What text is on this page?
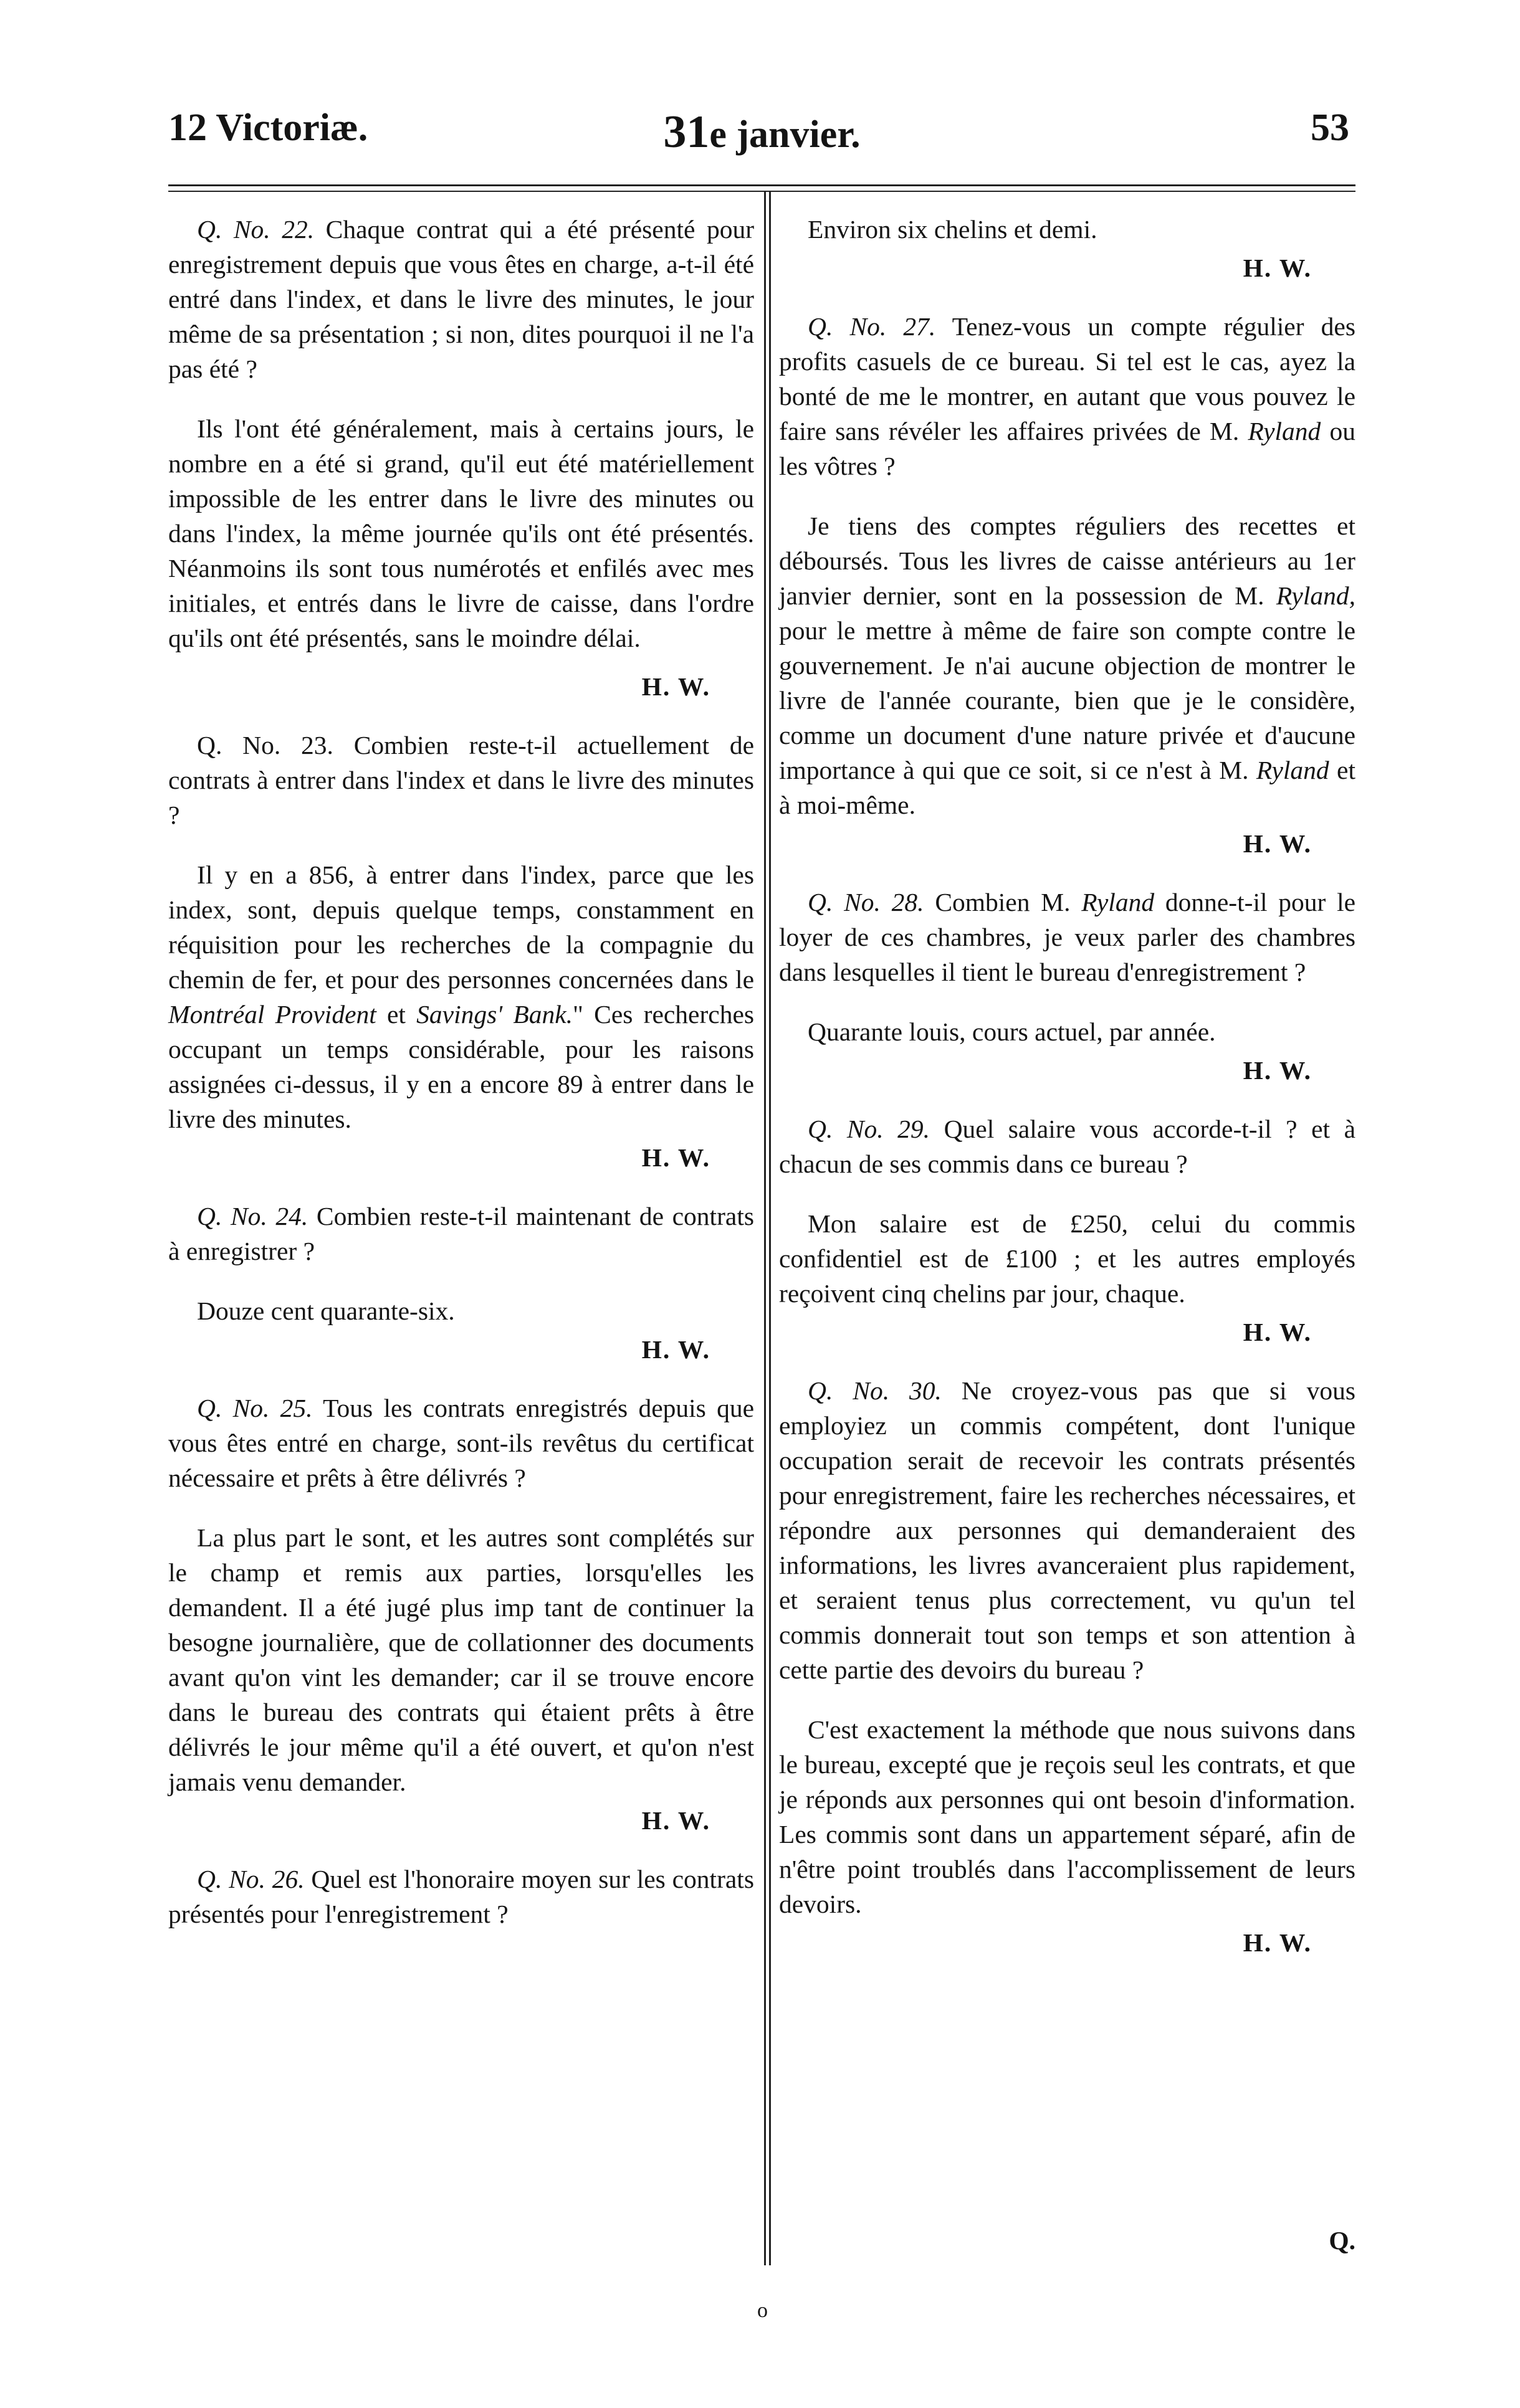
12 Victoriæ.	31e janvier.	53

Q. No. 22. Chaque contrat qui a été présenté pour enregistrement depuis que vous êtes en charge, a-t-il été entré dans l'index, et dans le livre des minutes, le jour même de sa présentation ; si non, dites pourquoi il ne l'a pas été ?

Ils l'ont été généralement, mais à certains jours, le nombre en a été si grand, qu'il eut été matériellement impossible de les entrer dans le livre des minutes ou dans l'index, la même journée qu'ils ont été présentés. Néanmoins ils sont tous numérotés et enfilés avec mes initiales, et entrés dans le livre de caisse, dans l'ordre qu'ils ont été présentés, sans le moindre délai.

H. W.

Q. No. 23. Combien reste-t-il actuellement de contrats à entrer dans l'index et dans le livre des minutes ?

Il y en a 856, à entrer dans l'index, parce que les index, sont, depuis quelque temps, constamment en réquisition pour les recherches de la compagnie du chemin de fer, et pour des personnes concernées dans le Montréal Provident et Savings' Bank." Ces recherches occupant un temps considérable, pour les raisons assignées ci-dessus, il y en a encore 89 à entrer dans le livre des minutes.

H. W.

Q. No. 24. Combien reste-t-il maintenant de contrats à enregistrer ?

Douze cent quarante-six.

H. W.

Q. No. 25. Tous les contrats enregistrés depuis que vous êtes entré en charge, sont-ils revêtus du certificat nécessaire et prêts à être délivrés ?

La plus part le sont, et les autres sont complétés sur le champ et remis aux parties, lorsqu'elles les demandent. Il a été jugé plus imp tant de continuer la besogne journalière, que de collationner des documents avant qu'on vint les demander; car il se trouve encore dans le bureau des contrats qui étaient prêts à être délivrés le jour même qu'il a été ouvert, et qu'on n'est jamais venu demander.

H. W.

Q. No. 26. Quel est l'honoraire moyen sur les contrats présentés pour l'enregistrement ?

Environ six chelins et demi.

H. W.

Q. No. 27. Tenez-vous un compte régulier des profits casuels de ce bureau. Si tel est le cas, ayez la bonté de me le montrer, en autant que vous pouvez le faire sans révéler les affaires privées de M. Ryland ou les vôtres ?

Je tiens des comptes réguliers des recettes et déboursés. Tous les livres de caisse antérieurs au 1er janvier dernier, sont en la possession de M. Ryland, pour le mettre à même de faire son compte contre le gouvernement. Je n'ai aucune objection de montrer le livre de l'année courante, bien que je le considère, comme un document d'une nature privée et d'aucune importance à qui que ce soit, si ce n'est à M. Ryland et à moi-même.

H. W.

Q. No. 28. Combien M. Ryland donne-t-il pour le loyer de ces chambres, je veux parler des chambres dans lesquelles il tient le bureau d'enregistrement ?

Quarante louis, cours actuel, par année.

H. W.

Q. No. 29. Quel salaire vous accorde-t-il ? et à chacun de ses commis dans ce bureau ?

Mon salaire est de £250, celui du commis confidentiel est de £100 ; et les autres employés reçoivent cinq chelins par jour, chaque.

H. W.

Q. No. 30. Ne croyez-vous pas que si vous employiez un commis compétent, dont l'unique occupation serait de recevoir les contrats présentés pour enregistrement, faire les recherches nécessaires, et répondre aux personnes qui demanderaient des informations, les livres avanceraient plus rapidement, et seraient tenus plus correctement, vu qu'un tel commis donnerait tout son temps et son attention à cette partie des devoirs du bureau ?

C'est exactement la méthode que nous suivons dans le bureau, excepté que je reçois seul les contrats, et que je réponds aux personnes qui ont besoin d'information. Les commis sont dans un appartement séparé, afin de n'être point troublés dans l'accomplissement de leurs devoirs.

H. W.

Q.
o
